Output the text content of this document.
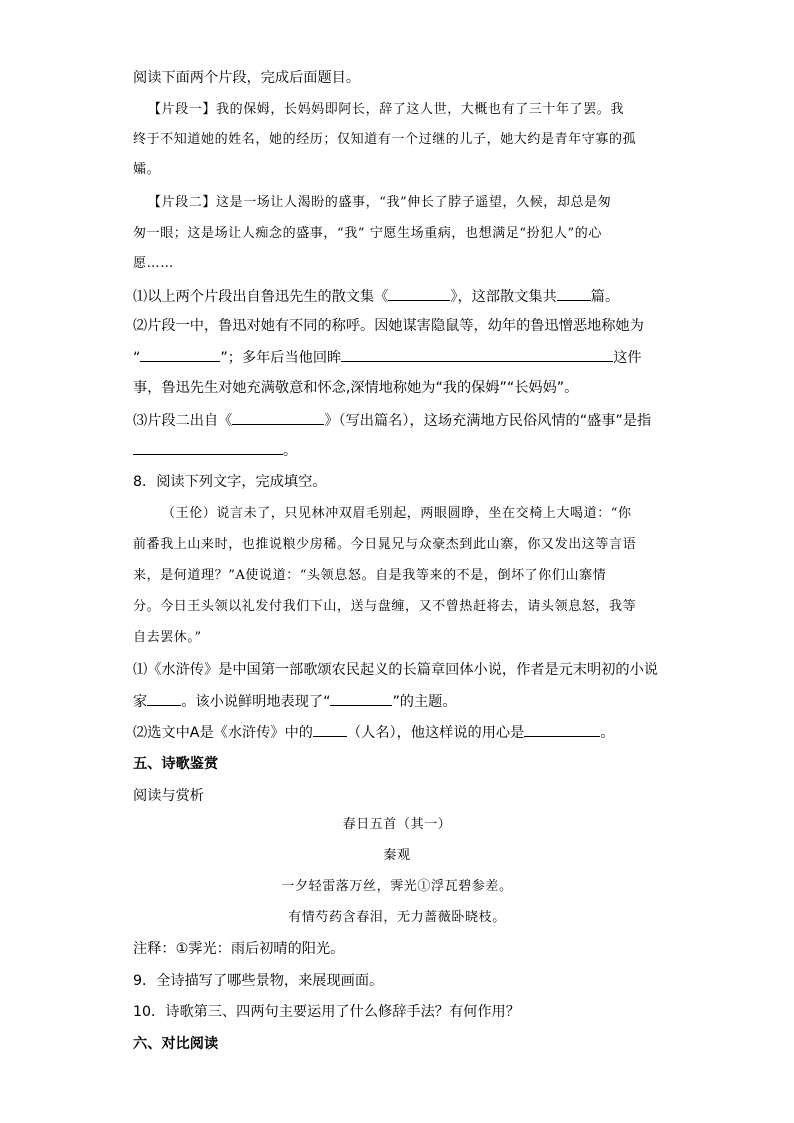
阅读下面两个片段，完成后面题目。
【片段一】我的保姆，长妈妈即阿长，辞了这人世，大概也有了三十年了罢。我
终于不知道她的姓名，她的经历；仅知道有一个过继的儿子，她大约是青年守寡的孤
孀。
【片段二】这是一场让人渴盼的盛事，“我”伸长了脖子遥望，久候，却总是匆
匆一眼；这是场让人痴念的盛事，“我” 宁愿生场重病，也想满足“扮犯人”的心
愿……
⑴以上两个片段出自鲁迅先生的散文集《	》，这部散文集共 篇。
⑵片段一中，鲁迅对她有不同的称呼。因她谋害隐鼠等，幼年的鲁迅憎恶地称她为
“	”；多年后当他回眸	这件
事，鲁迅先生对她充满敬意和怀念,深情地称她为“我的保姆”“长妈妈”。
⑶片段二出自《	》（写出篇名），这场充满地方民俗风情的“盛事”是指
。
8．阅读下列文字，完成填空。
（王伦）说言未了，只见林冲双眉毛别起，两眼圆睁，坐在交椅上大喝道：“你
前番我上山来时，也推说粮少房稀。今日晁兄与众豪杰到此山寨，你又发出这等言语
来，是何道理？”A使说道：“头领息怒。自是我等来的不是，倒坏了你们山寨情
分。今日王头领以礼发付我们下山，送与盘缠，又不曾热赶将去，请头领息怒，我等
自去罢休。”
⑴《水浒传》是中国第一部歌颂农民起义的长篇章回体小说，作者是元末明初的小说
家 。该小说鲜明地表现了“	”的主题。
⑵选文中A是《水浒传》中的 （人名），他这样说的用心是	。
五、诗歌鉴赏
阅读与赏析
春日五首（其一）
秦观
一夕轻雷落万丝，霁光①浮瓦碧参差。
有情芍药含春泪，无力蔷薇卧晓枝。
注释：①霁光：雨后初晴的阳光。
9．全诗描写了哪些景物，来展现画面。
10．诗歌第三、四两句主要运用了什么修辞手法？有何作用？
六、对比阅读
